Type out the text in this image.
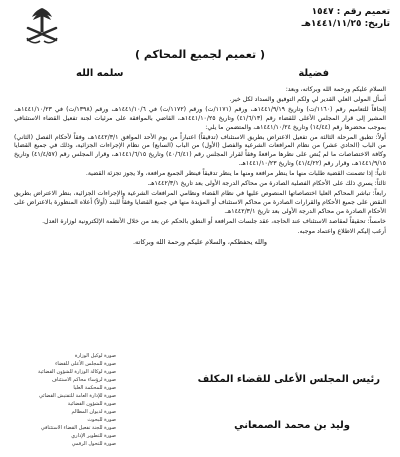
تعميم رقم : ١٥٤٧
تاريخ: ١٤٤١/١١/٢٥هـ
( تعميم لجميع المحاكم )
فضيلة
سلمه الله

السلام عليكم ورحمة الله وبركاته، وبعد:

أسأل المولى العلي القدير لي ولكم التوفيق والسداد لكل خير.

إلحاقاً للتعاميم رقم (١١٦٠/ت) وتاريخ ١٤٤١/٩/١٩هـ، ورقم (١١٧١/ت) ورقم (١١٧٢/ت) في ١٤٤١/١٠/٦هـ، ورقم (١٣٩٨/ت) في ١٤٤١/١٠/٢٣هـ، المشير إلى قرار المجلس الأعلى للقضاء رقم (٤١/٦/١٣) وتاريخ ١٤٤١/١٠/٢٥هـ، القاضي بالموافقة على مرئيات لجنة تفعيل القضاء الاستئنافي بموجب محضرها رقم (١٤/٤٤) وتاريخ ١٤٤١/١٠/٢٤هـ، والمتضمن ما يلي:

أولاً: تطبق المرحلة الثالثة من تفعيل الاعتراض بطريق الاستئناف (تدقيقاً) اعتباراً من يوم الأحد الموافق ١٤٤٢/٣/١هـ، وفقاً لأحكام الفصل (الثاني) من الباب (الحادي عشر) من نظام المرافعات الشرعية والفصل (الأول) من الباب (السابع) من نظام الإجراءات الجزائية، وذلك في جميع القضايا وكافة الاختصاصات ما لم يُنص على نظرها مرافعةً وفقاً لقرار المجلس رقم (٤٠/٦/٤١) وتاريخ ١٤٤١/٦/١٥هـ، وقرار المجلس رقم (٤١/٤/٥٧) وتاريخ ١٤٤١/٩/١٥هـ، وقرار رقم (٤١/٤/٢٢) وتاريخ ١٤٤١/١٠/٢٣هـ.

ثانياً: إذا تضمنت القضية طلبات منها ما ينظر مرافعة ومنها ما ينظر تدقيقاً فينظر الجميع مرافعة، ولا يجوز تجزئة القضية.

ثالثاً: يسري ذلك على الأحكام الفصلية الصادرة من محاكم الدرجة الأولى بعد تاريخ ١٤٤٢/٣/١هـ.

رابعاً: تباشر المحاكم العليا اختصاصاتها المنصوص عليها في نظام القضاء ونظامي المرافعات الشرعية والإجراءات الجزائية، بنظر الاعتراض بطريق النقض على جميع الأحكام والقرارات الصادرة من محاكم الاستئناف أو المؤيدة منها في جميع القضايا وفقاً للبند (أولاً) أعلاه المنظورة بالاعتراض على الأحكام الصادرة من محاكم الدرجة الأولى بعد تاريخ ١٤٤٢/٣/١هـ.

خامساً: تحقيقاً لمقاصد الاستئناف عند الحاجة، عقد جلسات المرافعة أو النطق بالحكم عن بعد من خلال الأنظمة الإلكترونية لوزارة العدل.

أرغب إليكم الاطلاع واعتماد موجبه.

والله يحفظكم، والسلام عليكم ورحمة الله وبركاته.

رئيس المجلس الأعلى للقضاء المكلف
وليد بن محمد الصمعاني
صورة لوكيل الوزارة
صورة للمجلس الأعلى للقضاء
صورة لوكالة الوزارة للشؤون القضائية
صورة لرؤساء محاكم الاستئناف
صورة للمحكمة العليا
صورة للإدارة العامة للتفتيش القضائي
صورة للشؤون القضائية
صورة لديوان المظالم
صورة للبحوث
صورة للجنة تفعيل القضاء الاستئنافي
صورة للتطوير الإداري
صورة للتحول الرقمي
